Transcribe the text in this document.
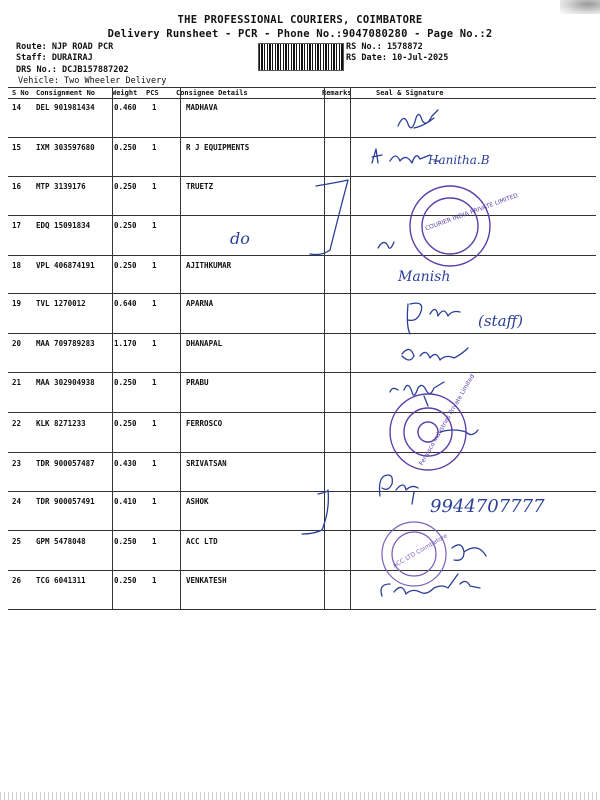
THE PROFESSIONAL COURIERS, COIMBATORE
Delivery Runsheet - PCR - Phone No.:9047080280 - Page No.:2
Route: NJP ROAD PCR
Staff: DURAIRAJ
DRS No.: DCJB157887202
Vehicle: Two Wheeler Delivery
RS No.: 1578872
RS Date: 10-Jul-2025
S No Consignment No Weight PCS Consignee Details	Remarks	Seal & Signature
14 DEL 901981434	0.460 1	MADHAVA
15 IXM 303597680	0.250 1	R J EQUIPMENTS
16 MTP 3139176	0.250 1	TRUETZ
17 EDQ 15091834	0.250 1
18 VPL 406874191	0.250 1	AJITHKUMAR
19 TVL 1270012	0.640 1	APARNA
20 MAA 709789283	1.170 1	DHANAPAL
21 MAA 302904938	0.250 1	PRABU
22 KLK 8271233	0.250 1	FERROSCO
23 TDR 900057487	0.430 1	SRIVATSAN
24 TDR 900057491	0.410 1	ASHOK
25 GPM 5478048	0.250 1	ACC LTD
26 TCG 6041311	0.250 1	VENKATESH
Hanitha.B
do
Manish
(staff)
9944707777
COURIER INDIA PRIVATE LIMITED
Ferrosco Industries Private Limited
ACC LTD Coimbatore
